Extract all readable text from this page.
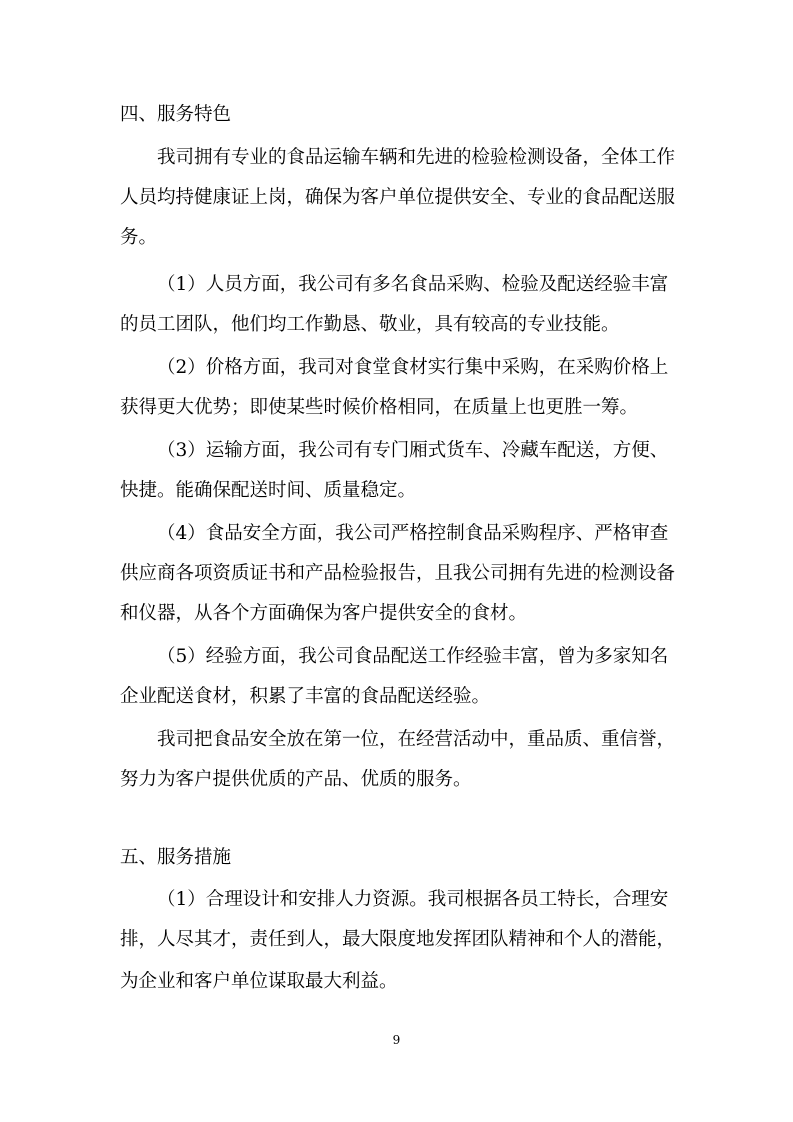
四、服务特色
我司拥有专业的食品运输车辆和先进的检验检测设备，全体工作
人员均持健康证上岗，确保为客户单位提供安全、专业的食品配送服
务。
（1）人员方面，我公司有多名食品采购、检验及配送经验丰富
的员工团队，他们均工作勤恳、敬业，具有较高的专业技能。
（2）价格方面，我司对食堂食材实行集中采购，在采购价格上
获得更大优势；即使某些时候价格相同，在质量上也更胜一筹。
（3）运输方面，我公司有专门厢式货车、冷藏车配送，方便、
快捷。能确保配送时间、质量稳定。
（4）食品安全方面，我公司严格控制食品采购程序、严格审查
供应商各项资质证书和产品检验报告，且我公司拥有先进的检测设备
和仪器，从各个方面确保为客户提供安全的食材。
（5）经验方面，我公司食品配送工作经验丰富，曾为多家知名
企业配送食材，积累了丰富的食品配送经验。
我司把食品安全放在第一位，在经营活动中，重品质、重信誉，
努力为客户提供优质的产品、优质的服务。
五、服务措施
（1）合理设计和安排人力资源。我司根据各员工特长，合理安
排，人尽其才，责任到人，最大限度地发挥团队精神和个人的潜能，
为企业和客户单位谋取最大利益。
9
